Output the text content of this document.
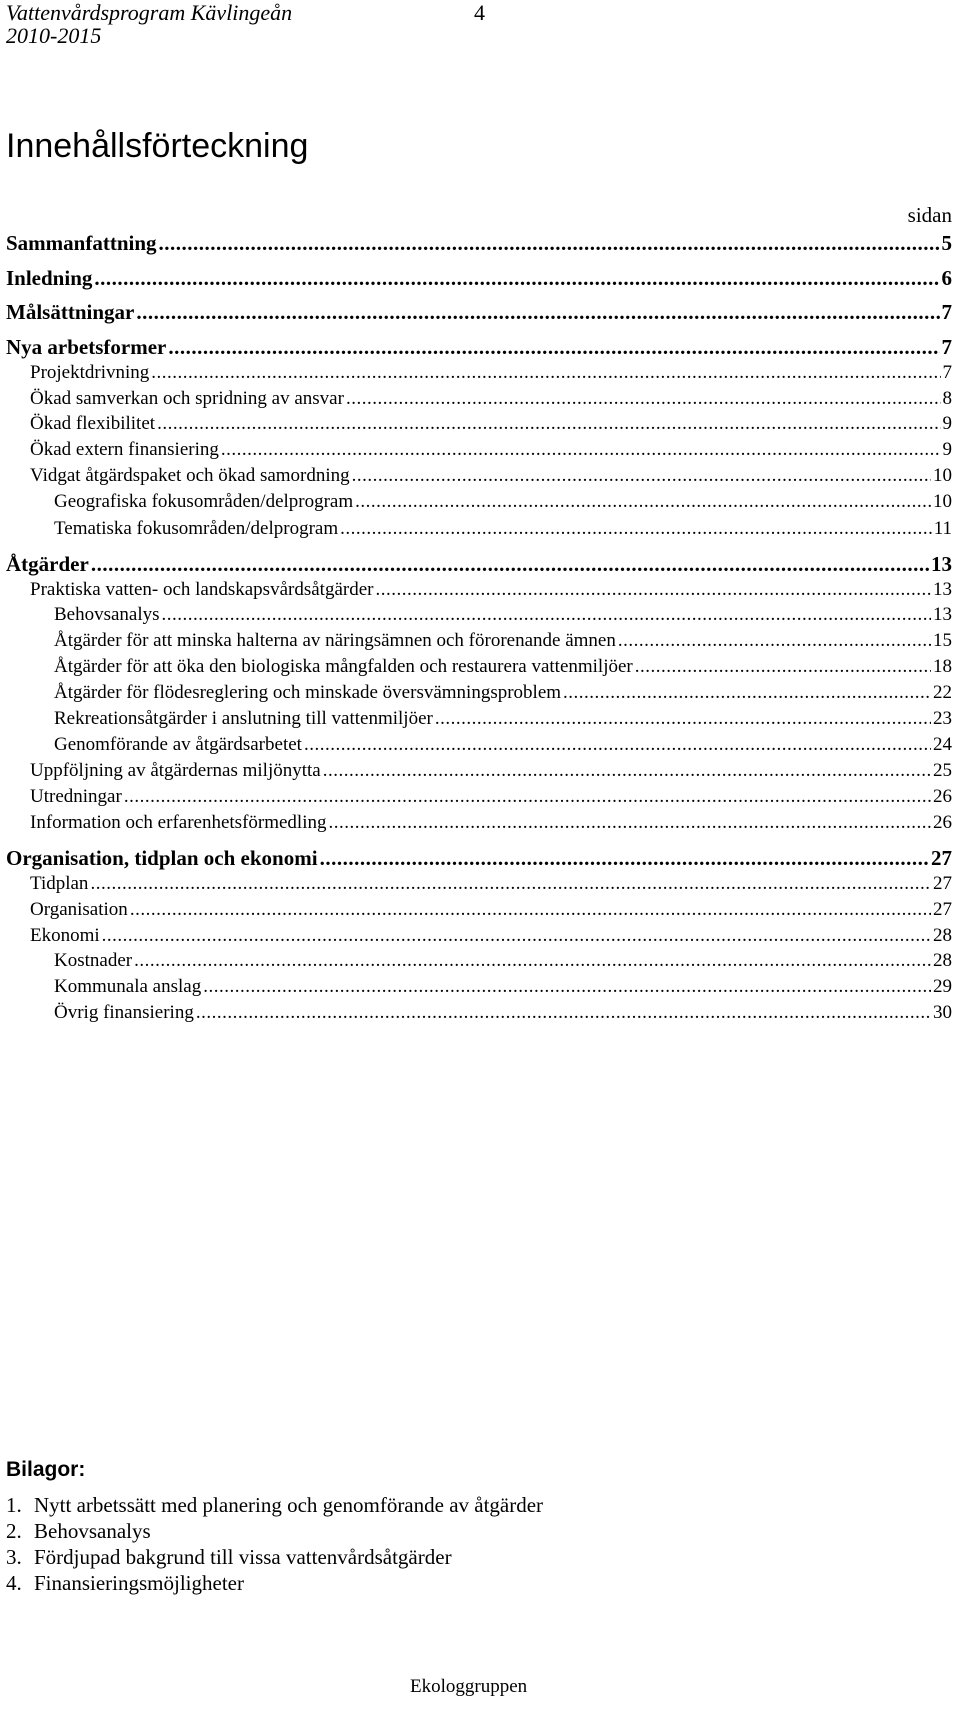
Vattenvårdsprogram Kävlingeån
2010-2015
4
Innehållsförteckning
sidan
Sammanfattning .....	5
Inledning .....	6
Målsättningar .....	7
Nya arbetsformer .....	7
Projektdrivning .....	7
Ökad samverkan och spridning av ansvar .....	8
Ökad flexibilitet .....	9
Ökad extern finansiering .....	9
Vidgat åtgärdspaket och ökad samordning .....	10
Geografiska fokusområden/delprogram .....	10
Tematiska fokusområden/delprogram .....	11
Åtgärder .....	13
Praktiska vatten- och landskapsvårdsåtgärder .....	13
Behovsanalys .....	13
Åtgärder för att minska halterna av näringsämnen och förorenande ämnen .....	15
Åtgärder för att öka den biologiska mångfalden och restaurera vattenmiljöer .....	18
Åtgärder för flödesreglering och minskade översvämningsproblem .....	22
Rekreationsåtgärder i anslutning till vattenmiljöer .....	23
Genomförande av åtgärdsarbetet .....	24
Uppföljning av åtgärdernas miljönytta .....	25
Utredningar .....	26
Information och erfarenhetsförmedling .....	26
Organisation, tidplan och ekonomi .....	27
Tidplan .....	27
Organisation .....	27
Ekonomi .....	28
Kostnader .....	28
Kommunala anslag .....	29
Övrig finansiering .....	30
Bilagor:
1. Nytt arbetssätt med planering och genomförande av åtgärder
2. Behovsanalys
3. Fördjupad bakgrund till vissa vattenvårdsåtgärder
4. Finansieringsmöjligheter
Ekologgruppen
